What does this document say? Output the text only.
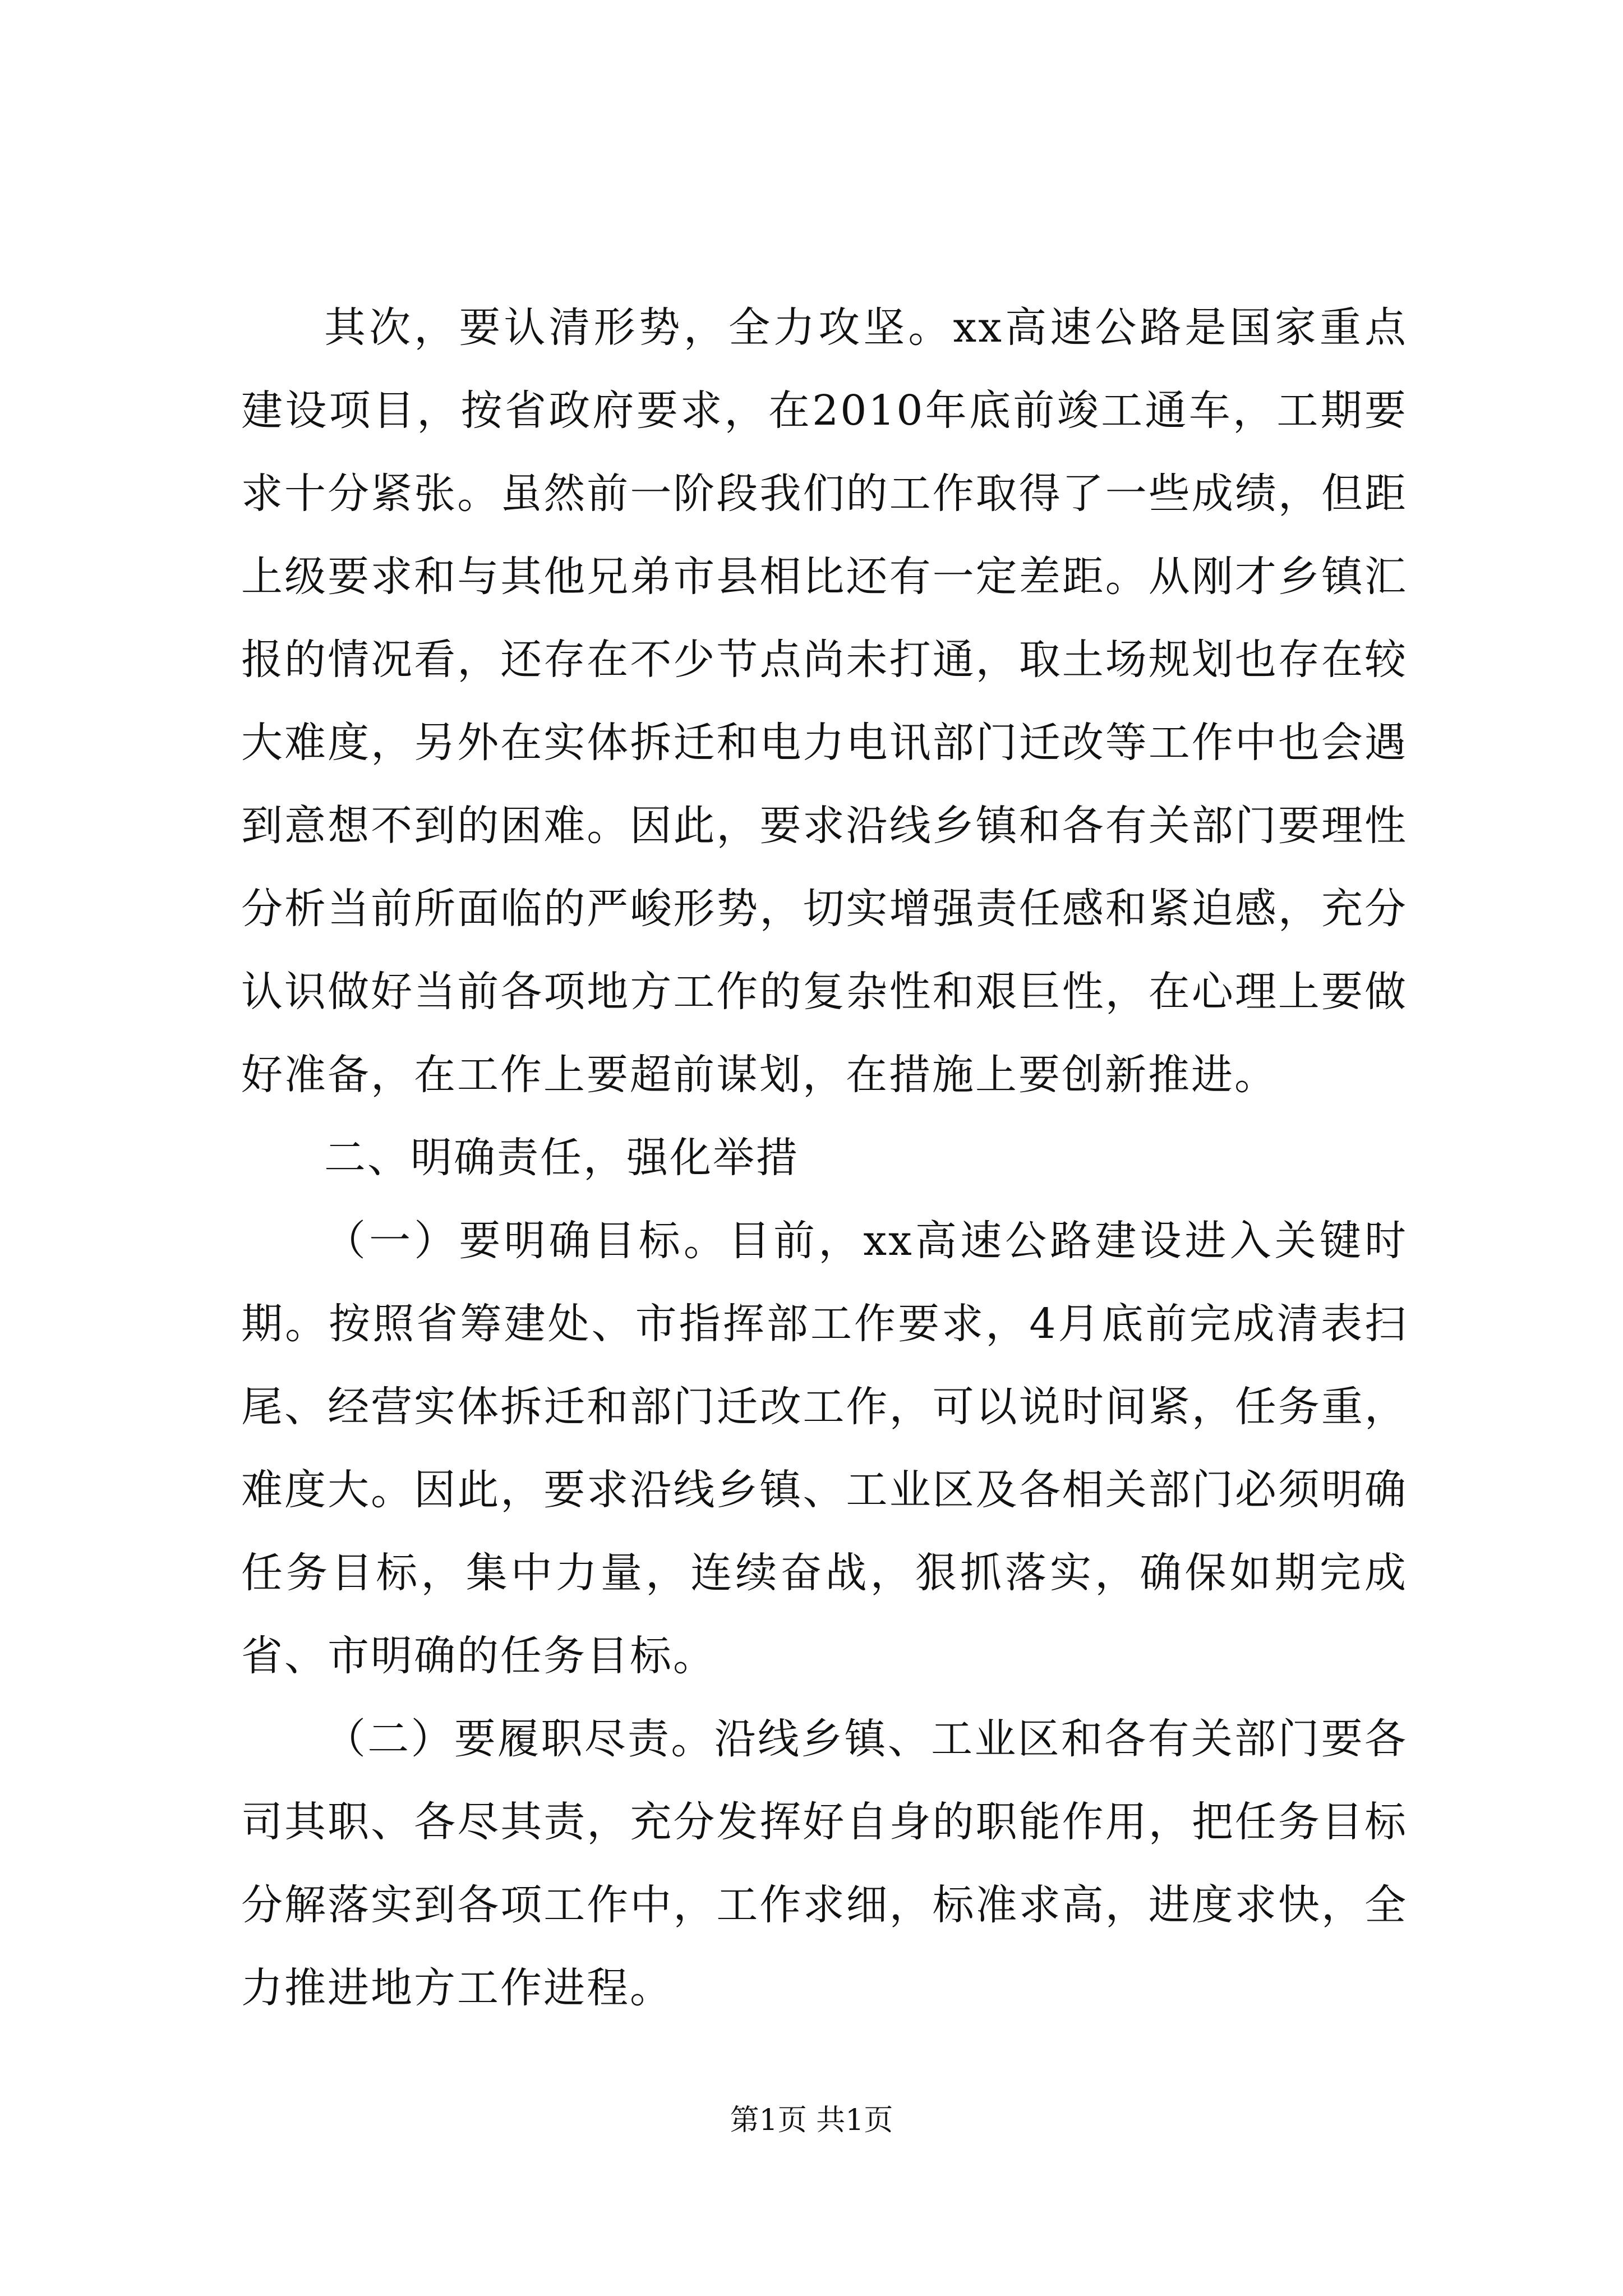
其次，要认清形势，全力攻坚。xx高速公路是国家重点建设项目，按省政府要求，在2010年底前竣工通车，工期要求十分紧张。虽然前一阶段我们的工作取得了一些成绩，但距上级要求和与其他兄弟市县相比还有一定差距。从刚才乡镇汇报的情况看，还存在不少节点尚未打通，取土场规划也存在较大难度，另外在实体拆迁和电力电讯部门迁改等工作中也会遇到意想不到的困难。因此，要求沿线乡镇和各有关部门要理性分析当前所面临的严峻形势，切实增强责任感和紧迫感，充分认识做好当前各项地方工作的复杂性和艰巨性，在心理上要做好准备，在工作上要超前谋划，在措施上要创新推进。

二、明确责任，强化举措

（一）要明确目标。目前，xx高速公路建设进入关键时期。按照省筹建处、市指挥部工作要求，4月底前完成清表扫尾、经营实体拆迁和部门迁改工作，可以说时间紧，任务重，难度大。因此，要求沿线乡镇、工业区及各相关部门必须明确任务目标，集中力量，连续奋战，狠抓落实，确保如期完成省、市明确的任务目标。

（二）要履职尽责。沿线乡镇、工业区和各有关部门要各司其职、各尽其责，充分发挥好自身的职能作用，把任务目标分解落实到各项工作中，工作求细，标准求高，进度求快，全力推进地方工作进程。

第1页 共1页
